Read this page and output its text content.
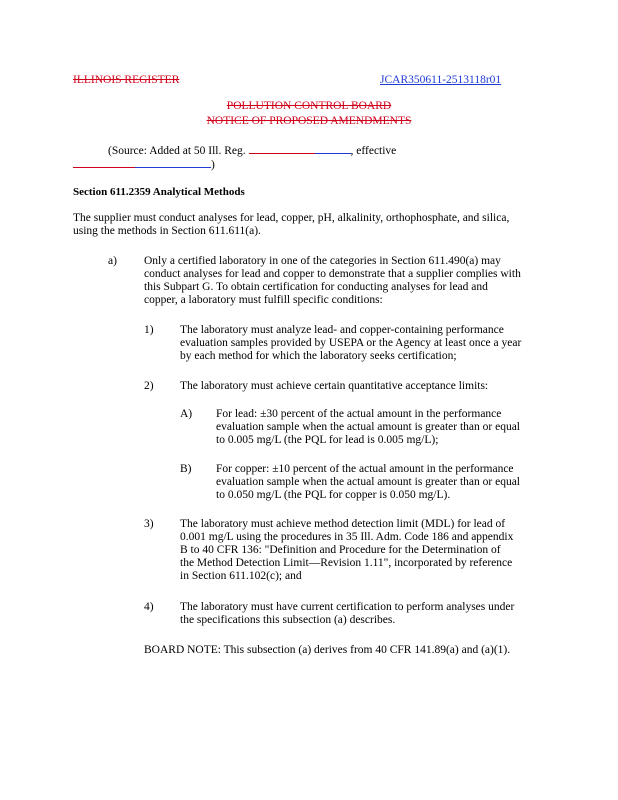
ILLINOIS REGISTER	JCAR350611-2513118r01
POLLUTION CONTROL BOARD
NOTICE OF PROPOSED AMENDMENTS
(Source: Added at 50 Ill. Reg.	, effective
)
Section 611.2359 Analytical Methods

The supplier must conduct analyses for lead, copper, pH, alkalinity, orthophosphate, and silica,

using the methods in Section 611.611(a).

a) Only a certified laboratory in one of the categories in Section 611.490(a) may

conduct analyses for lead and copper to demonstrate that a supplier complies with

this Subpart G. To obtain certification for conducting analyses for lead and

copper, a laboratory must fulfill specific conditions:

1) The laboratory must analyze lead- and copper-containing performance

evaluation samples provided by USEPA or the Agency at least once a year

by each method for which the laboratory seeks certification;

2) The laboratory must achieve certain quantitative acceptance limits:

A) For lead: ±30 percent of the actual amount in the performance

evaluation sample when the actual amount is greater than or equal

to 0.005 mg/L (the PQL for lead is 0.005 mg/L);

B) For copper: ±10 percent of the actual amount in the performance

evaluation sample when the actual amount is greater than or equal

to 0.050 mg/L (the PQL for copper is 0.050 mg/L).

3) The laboratory must achieve method detection limit (MDL) for lead of

0.001 mg/L using the procedures in 35 Ill. Adm. Code 186 and appendix

B to 40 CFR 136: "Definition and Procedure for the Determination of

the Method Detection Limit—Revision 1.11", incorporated by reference

in Section 611.102(c); and

4) The laboratory must have current certification to perform analyses under

the specifications this subsection (a) describes.

BOARD NOTE: This subsection (a) derives from 40 CFR 141.89(a) and (a)(1).
